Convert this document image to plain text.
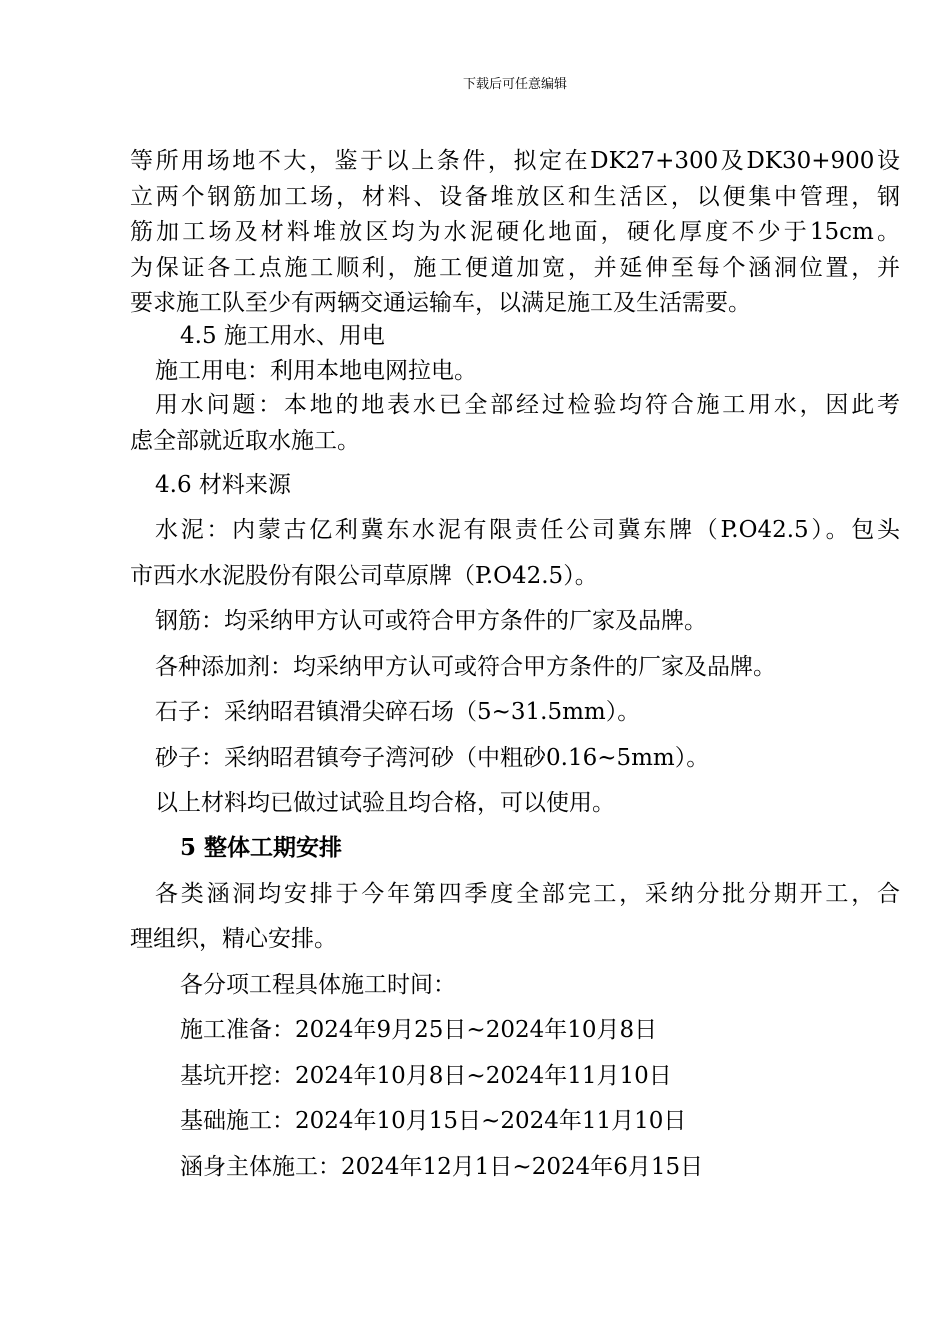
下载后可任意编辑
等所用场地不大，鉴于以上条件，拟定在DK27+300及DK30+900设
立两个钢筋加工场，材料、设备堆放区和生活区，以便集中管理，钢
筋加工场及材料堆放区均为水泥硬化地面，硬化厚度不少于15cm。
为保证各工点施工顺利，施工便道加宽，并延伸至每个涵洞位置，并
要求施工队至少有两辆交通运输车，以满足施工及生活需要。
4.5 施工用水、用电
施工用电：利用本地电网拉电。
用水问题：本地的地表水已全部经过检验均符合施工用水，因此考
虑全部就近取水施工。
4.6 材料来源
水泥：内蒙古亿利冀东水泥有限责任公司冀东牌（P.O42.5）。包头
市西水水泥股份有限公司草原牌（P.O42.5）。
钢筋：均采纳甲方认可或符合甲方条件的厂家及品牌。
各种添加剂：均采纳甲方认可或符合甲方条件的厂家及品牌。
石子：采纳昭君镇滑尖碎石场（5~31.5mm）。
砂子：采纳昭君镇夸子湾河砂（中粗砂0.16~5mm）。
以上材料均已做过试验且均合格，可以使用。
5 整体工期安排
各类涵洞均安排于今年第四季度全部完工，采纳分批分期开工，合
理组织，精心安排。
各分项工程具体施工时间：
施工准备：2024年9月25日~2024年10月8日
基坑开挖：2024年10月8日~2024年11月10日
基础施工：2024年10月15日~2024年11月10日
涵身主体施工：2024年12月1日~2024年6月15日
